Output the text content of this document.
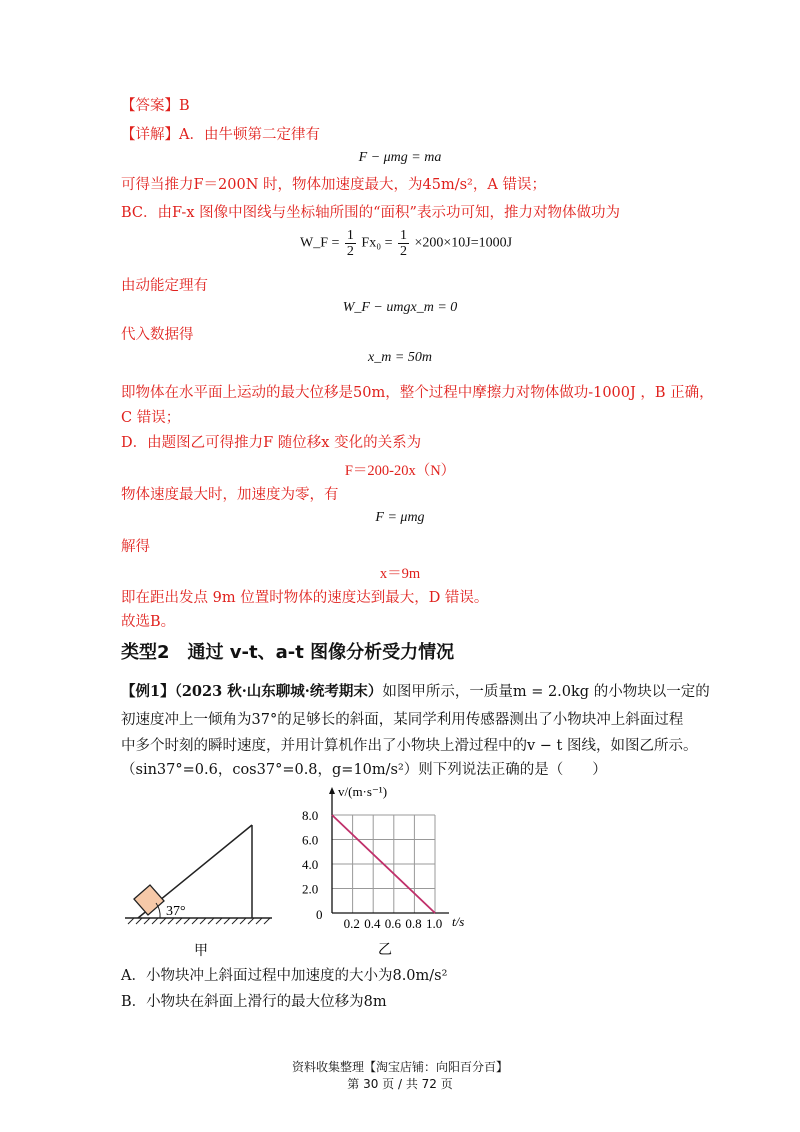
【答案】B
【详解】A．由牛顿第二定律有
F − μmg = ma
可得当推力F＝200N 时，物体加速度最大，为45m/s²，A 错误；
BC．由F-x 图像中图线与坐标轴所围的“面积”表示功可知，推力对物体做功为
W_F = $\frac{1}{2} Fx_0 = \frac{1}{2} \times 200\times 10J=1000J$
由动能定理有
W_F − umgx_m = 0
代入数据得
x_m = 50m
即物体在水平面上运动的最大位移是50m，整个过程中摩擦力对物体做功-1000J ，B 正确，
C 错误；
D．由题图乙可得推力F 随位移x 变化的关系为
F＝200-20x（N）
物体速度最大时，加速度为零，有
F = μmg
解得
x＝9m
即在距出发点 9m 位置时物体的速度达到最大，D 错误。
故选B。
类型2　通过 v-t、a-t 图像分析受力情况
【例1】（2023 秋·山东聊城·统考期末）如图甲所示，一质量m = 2.0kg 的小物块以一定的
初速度冲上一倾角为37°的足够长的斜面，某同学利用传感器测出了小物块冲上斜面过程
中多个时刻的瞬时速度，并用计算机作出了小物块上滑过程中的v − t 图线，如图乙所示。
（sin37°=0.6，cos37°=0.8，g=10m/s²）则下列说法正确的是（　　）
37°
甲
0.2 0.4 0.6 0.8 1.0
8.0
6.0
4.0
2.0
v/(m·s⁻¹)
t/s
0
乙
A．小物块冲上斜面过程中加速度的大小为8.0m/s²
B．小物块在斜面上滑行的最大位移为8m
资料收集整理【淘宝店铺：向阳百分百】
第 30 页 / 共 72 页
